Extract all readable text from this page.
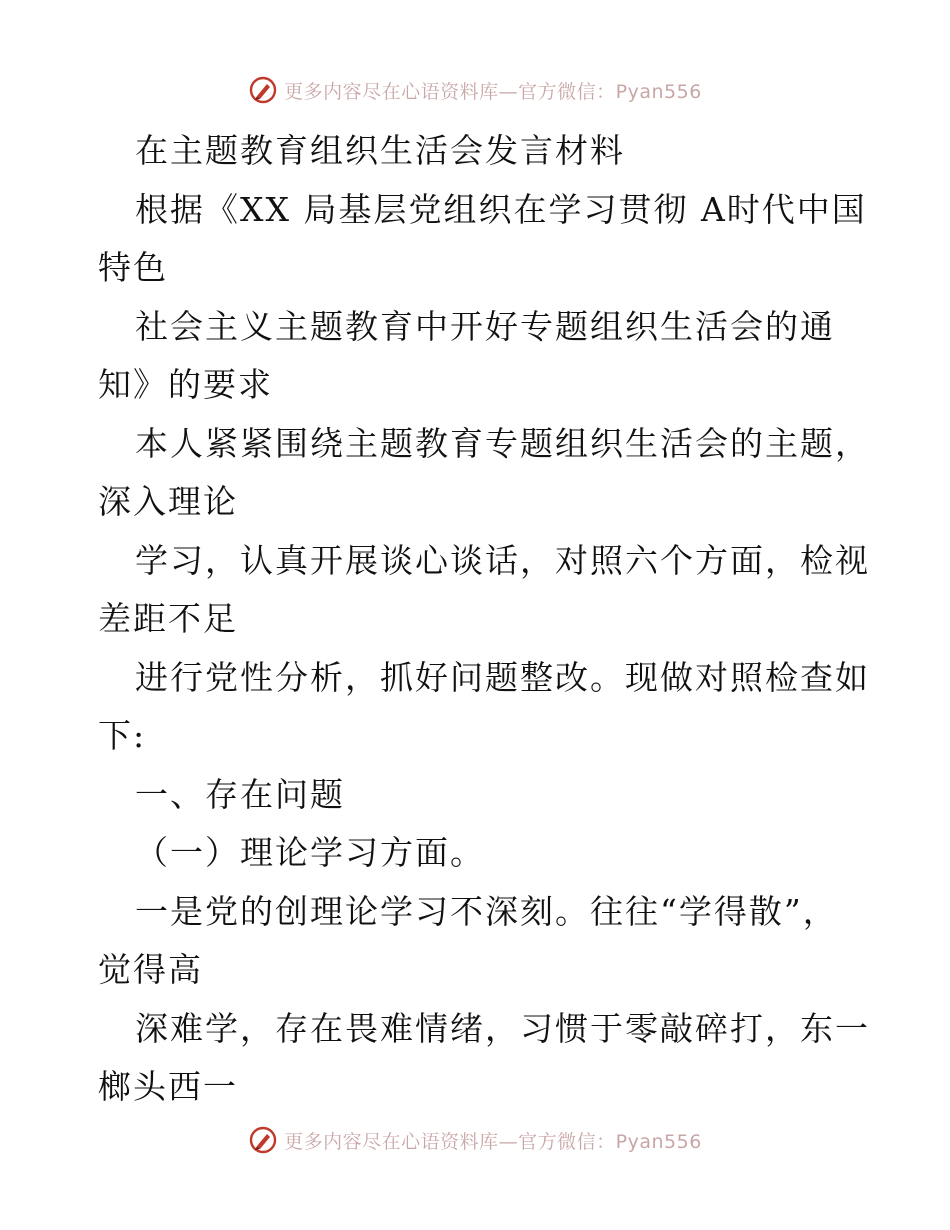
更多内容尽在心语资料库—官方微信：Pyan556
在主题教育组织生活会发言材料
根据《XX 局基层党组织在学习贯彻 A时代中国
特色
社会主义主题教育中开好专题组织生活会的通
知》的要求
本人紧紧围绕主题教育专题组织生活会的主题，
深入理论
学习，认真开展谈心谈话，对照六个方面，检视
差距不足
进行党性分析，抓好问题整改。现做对照检查如
下:
一、存在问题
（一）理论学习方面。
一是党的创理论学习不深刻。往往“学得散”，
觉得高
深难学，存在畏难情绪，习惯于零敲碎打，东一
榔头西一
更多内容尽在心语资料库—官方微信：Pyan556
